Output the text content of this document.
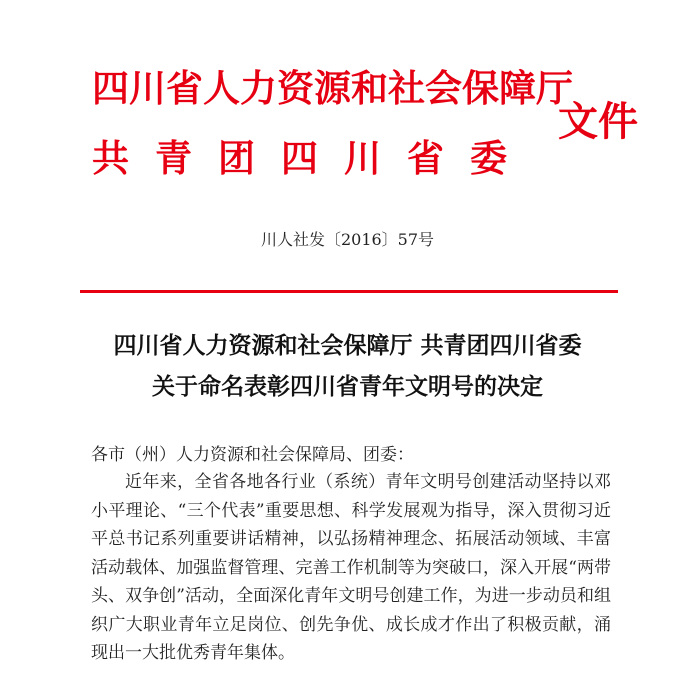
四川省人力资源和社会保障厅
共青团四川省委
文件
川人社发〔2016〕57号
四川省人力资源和社会保障厅 共青团四川省委
关于命名表彰四川省青年文明号的决定
各市（州）人力资源和社会保障局、团委：
近年来，全省各地各行业（系统）青年文明号创建活动坚持以邓小平理论、“三个代表”重要思想、科学发展观为指导，深入贯彻习近平总书记系列重要讲话精神，以弘扬精神理念、拓展活动领域、丰富活动载体、加强监督管理、完善工作机制等为突破口，深入开展“两带头、双争创”活动，全面深化青年文明号创建工作，为进一步动员和组织广大职业青年立足岗位、创先争优、成长成才作出了积极贡献，涌现出一大批优秀青年集体。
